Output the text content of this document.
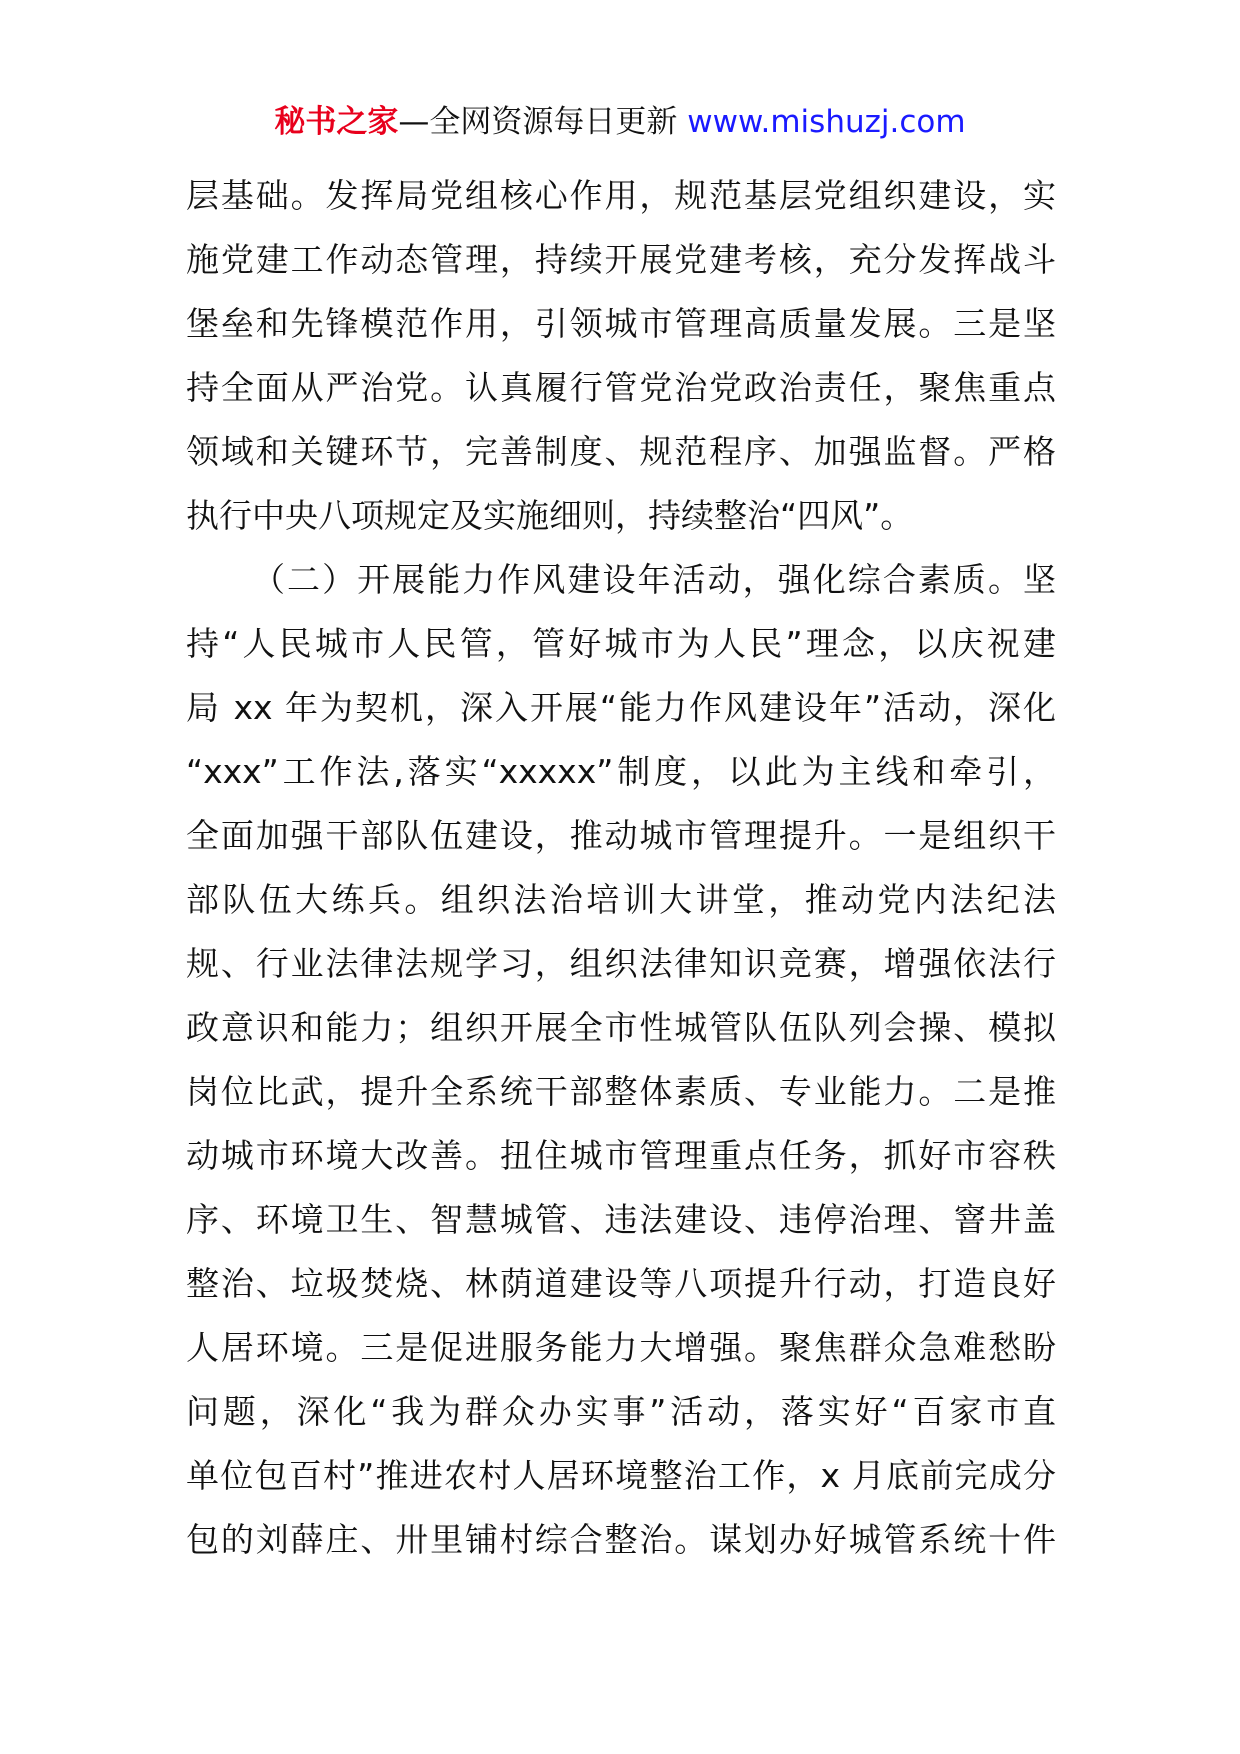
秘书之家—全网资源每日更新 www.mishuzj.com
层基础。发挥局党组核心作用，规范基层党组织建设，实
施党建工作动态管理，持续开展党建考核，充分发挥战斗
堡垒和先锋模范作用，引领城市管理高质量发展。三是坚
持全面从严治党。认真履行管党治党政治责任，聚焦重点
领域和关键环节，完善制度、规范程序、加强监督。严格
执行中央八项规定及实施细则，持续整治“四风”。
（二）开展能力作风建设年活动，强化综合素质。坚
持“人民城市人民管，管好城市为人民”理念，以庆祝建
局 xx 年为契机，深入开展“能力作风建设年”活动，深化
“xxx”工作法,落实“xxxxx”制度，以此为主线和牵引，
全面加强干部队伍建设，推动城市管理提升。一是组织干
部队伍大练兵。组织法治培训大讲堂，推动党内法纪法
规、行业法律法规学习，组织法律知识竞赛，增强依法行
政意识和能力；组织开展全市性城管队伍队列会操、模拟
岗位比武，提升全系统干部整体素质、专业能力。二是推
动城市环境大改善。扭住城市管理重点任务，抓好市容秩
序、环境卫生、智慧城管、违法建设、违停治理、窨井盖
整治、垃圾焚烧、林荫道建设等八项提升行动，打造良好
人居环境。三是促进服务能力大增强。聚焦群众急难愁盼
问题，深化“我为群众办实事”活动，落实好“百家市直
单位包百村”推进农村人居环境整治工作，x 月底前完成分
包的刘薛庄、卅里铺村综合整治。谋划办好城管系统十件
